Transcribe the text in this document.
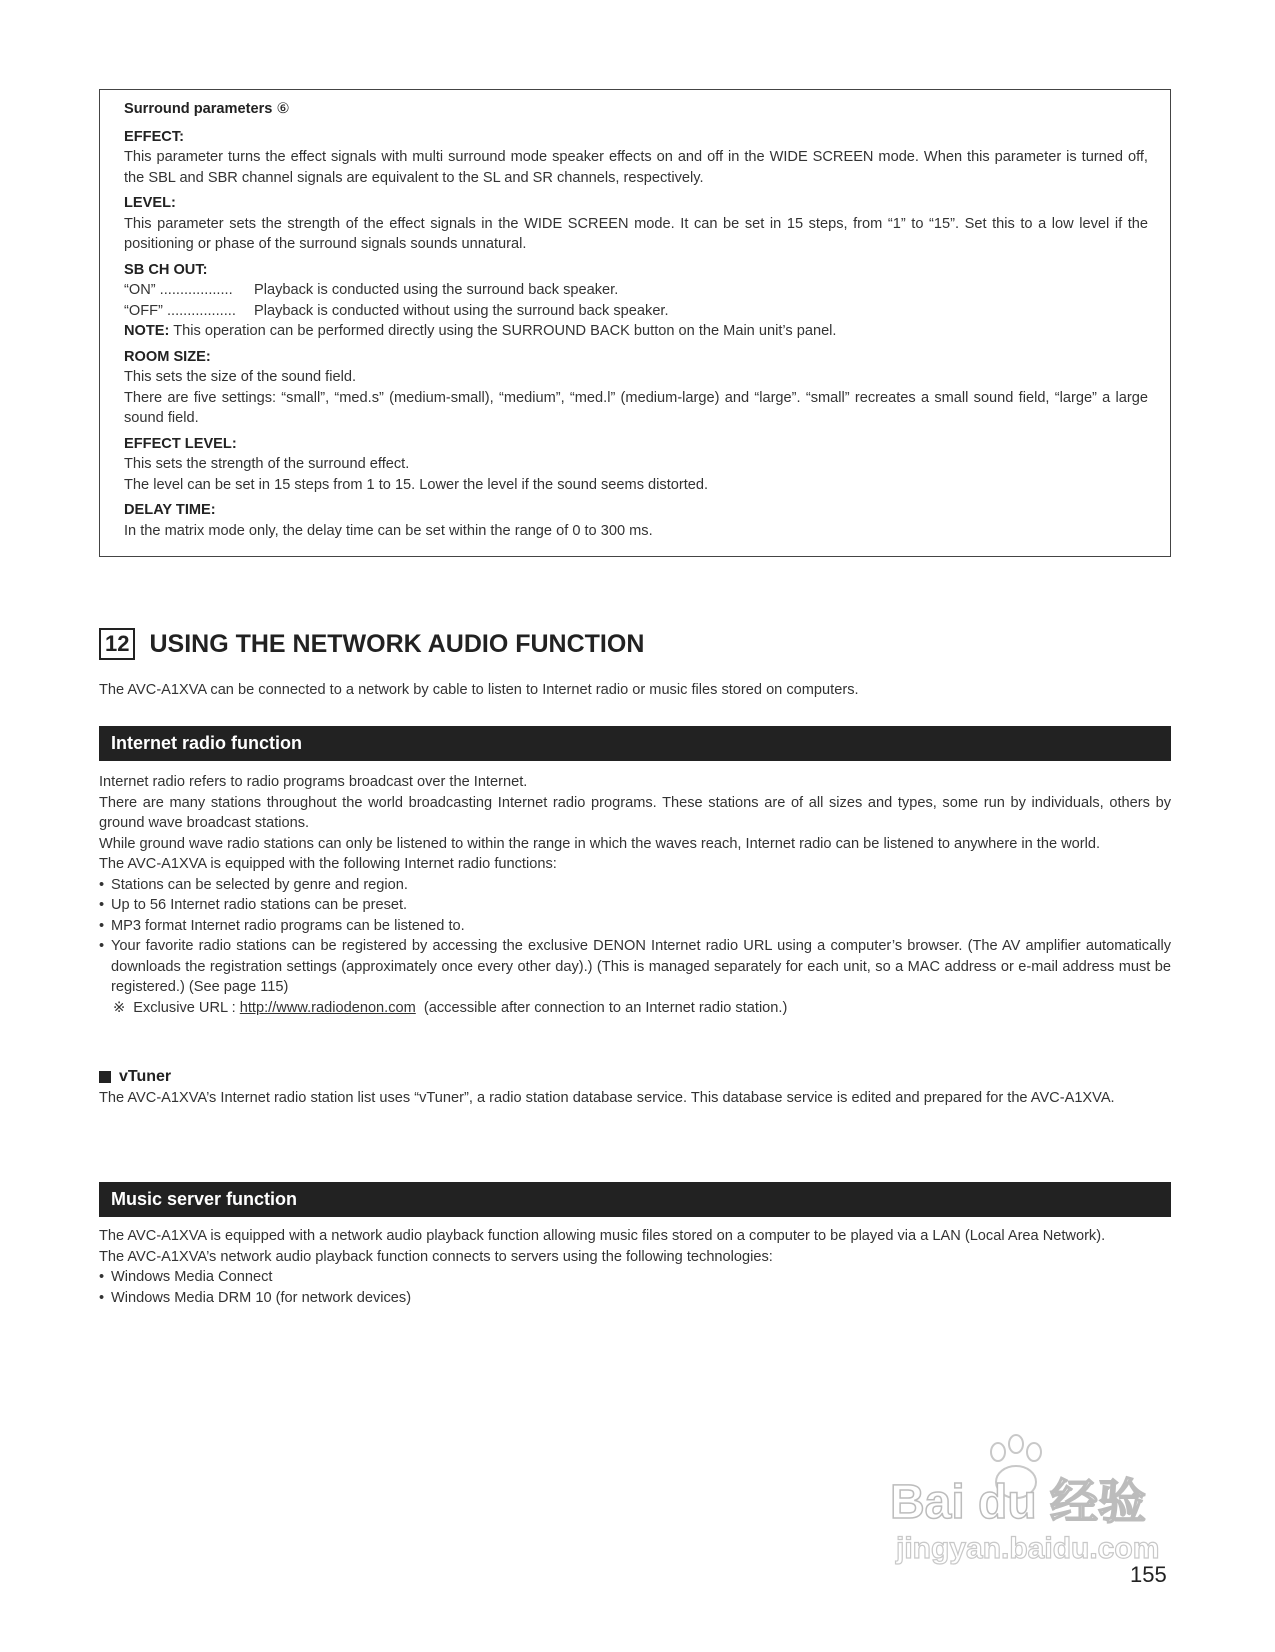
Surround parameters ⑥

EFFECT:

This parameter turns the effect signals with multi surround mode speaker effects on and off in the WIDE SCREEN mode. When this parameter is turned off, the SBL and SBR channel signals are equivalent to the SL and SR channels, respectively.

LEVEL:

This parameter sets the strength of the effect signals in the WIDE SCREEN mode. It can be set in 15 steps, from “1” to “15”. Set this to a low level if the positioning or phase of the surround signals sounds unnatural.

SB CH OUT:

“ON” ..................	Playback is conducted using the surround back speaker.
“OFF” .................	Playback is conducted without using the surround back speaker.

NOTE: This operation can be performed directly using the SURROUND BACK button on the Main unit’s panel.

ROOM SIZE:

This sets the size of the sound field.

There are five settings: “small”, “med.s” (medium-small), “medium”, “med.l” (medium-large) and “large”. “small” recreates a small sound field, “large” a large sound field.

EFFECT LEVEL:

This sets the strength of the surround effect.

The level can be set in 15 steps from 1 to 15. Lower the level if the sound seems distorted.

DELAY TIME:

In the matrix mode only, the delay time can be set within the range of 0 to 300 ms.

12 USING THE NETWORK AUDIO FUNCTION

The AVC-A1XVA can be connected to a network by cable to listen to Internet radio or music files stored on computers.

Internet radio function

Internet radio refers to radio programs broadcast over the Internet.

There are many stations throughout the world broadcasting Internet radio programs. These stations are of all sizes and types, some run by individuals, others by ground wave broadcast stations.

While ground wave radio stations can only be listened to within the range in which the waves reach, Internet radio can be listened to anywhere in the world.

The AVC-A1XVA is equipped with the following Internet radio functions:

• Stations can be selected by genre and region.
• Up to 56 Internet radio stations can be preset.
• MP3 format Internet radio programs can be listened to.
• Your favorite radio stations can be registered by accessing the exclusive DENON Internet radio URL using a computer’s browser. (The AV amplifier automatically downloads the registration settings (approximately once every other day).) (This is managed separately for each unit, so a MAC address or e-mail address must be registered.) (See page 115)

※ Exclusive URL : http://www.radiodenon.com (accessible after connection to an Internet radio station.)

vTuner

The AVC-A1XVA’s Internet radio station list uses “vTuner”, a radio station database service. This database service is edited and prepared for the AVC-A1XVA.

Music server function

The AVC-A1XVA is equipped with a network audio playback function allowing music files stored on a computer to be played via a LAN (Local Area Network).

The AVC-A1XVA’s network audio playback function connects to servers using the following technologies:

• Windows Media Connect
• Windows Media DRM 10 (for network devices)
Bai du 经验
jingyan.baidu.com
155
